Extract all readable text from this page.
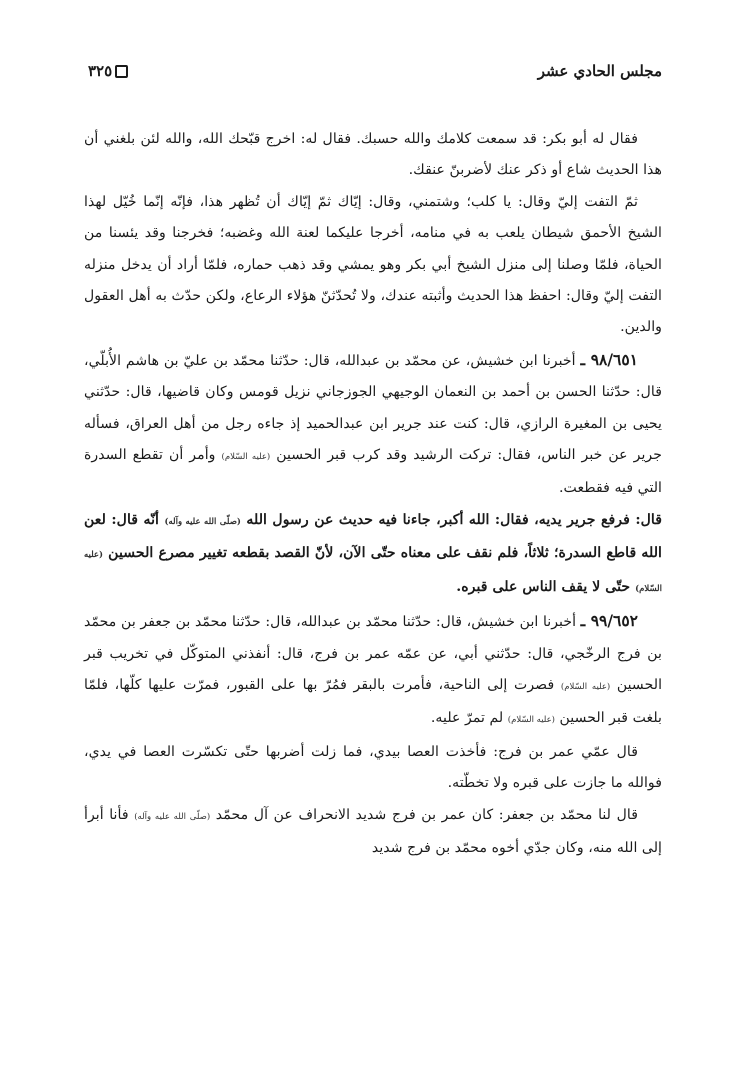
مجلس الحادي عشر
٣٢٥

فقال له أبو بكر: قد سمعت كلامك والله حسبك. فقال له: اخرج قبّحك الله، والله لئن بلغني أن هذا الحديث شاع أو ذكر عنك لأضربنّ عنقك.

ثمّ التفت إليّ وقال: يا كلب؛ وشتمني، وقال: إيّاك ثمّ إيّاك أن تُظهر هذا، فإنّه إنّما خُيّل لهذا الشيخ الأحمق شيطان يلعب به في منامه، أخرجا عليكما لعنة الله وغضبه؛ فخرجنا وقد يئسنا من الحياة، فلمّا وصلنا إلى منزل الشيخ أبي بكر وهو يمشي وقد ذهب حماره، فلمّا أراد أن يدخل منزله التفت إليّ وقال: احفظ هذا الحديث وأثبته عندك، ولا تُحدّثنّ هؤلاء الرعاع، ولكن حدّث به أهل العقول والدين.

٩٨/٦٥١ ـ أخبرنا ابن خشيش، عن محمّد بن عبدالله، قال: حدّثنا محمّد بن عليّ بن هاشم الأُبلّي، قال: حدّثنا الحسن بن أحمد بن النعمان الوجيهي الجوزجاني نزيل قومس وكان قاضيها، قال: حدّثني يحيى بن المغيرة الرازي، قال: كنت عند جرير ابن عبدالحميد إذ جاءه رجل من أهل العراق، فسأله جرير عن خبر الناس، فقال: تركت الرشيد وقد كرب قبر الحسين (عليه السّلام) وأمر أن تقطع السدرة التي فيه فقطعت.

قال: فرفع جرير يديه، فقال: الله أكبر، جاءنا فيه حديث عن رسول الله (صلّى الله عليه وآله) أنّه قال: لعن الله قاطع السدرة؛ ثلاثاً، فلم نقف على معناه حتّى الآن، لأنّ القصد بقطعه تغيير مصرع الحسين (عليه السّلام) حتّى لا يقف الناس على قبره.

٩٩/٦٥٢ ـ أخبرنا ابن خشيش، قال: حدّثنا محمّد بن عبدالله، قال: حدّثنا محمّد بن جعفر بن محمّد بن فرج الرخّجي، قال: حدّثني أبي، عن عمّه عمر بن فرج، قال: أنفذني المتوكّل في تخريب قبر الحسين (عليه السّلام) فصرت إلى الناحية، فأمرت بالبقر فمُرّ بها على القبور، فمرّت عليها كلّها، فلمّا بلغت قبر الحسين (عليه السّلام) لم تمرّ عليه.

قال عمّي عمر بن فرج: فأخذت العصا بيدي، فما زلت أضربها حتّى تكسّرت العصا في يدي، فوالله ما جازت على قبره ولا تخطّته.

قال لنا محمّد بن جعفر: كان عمر بن فرج شديد الانحراف عن آل محمّد (صلّى الله عليه وآله) فأنا أبرأ إلى الله منه، وكان جدّي أخوه محمّد بن فرج شديد
